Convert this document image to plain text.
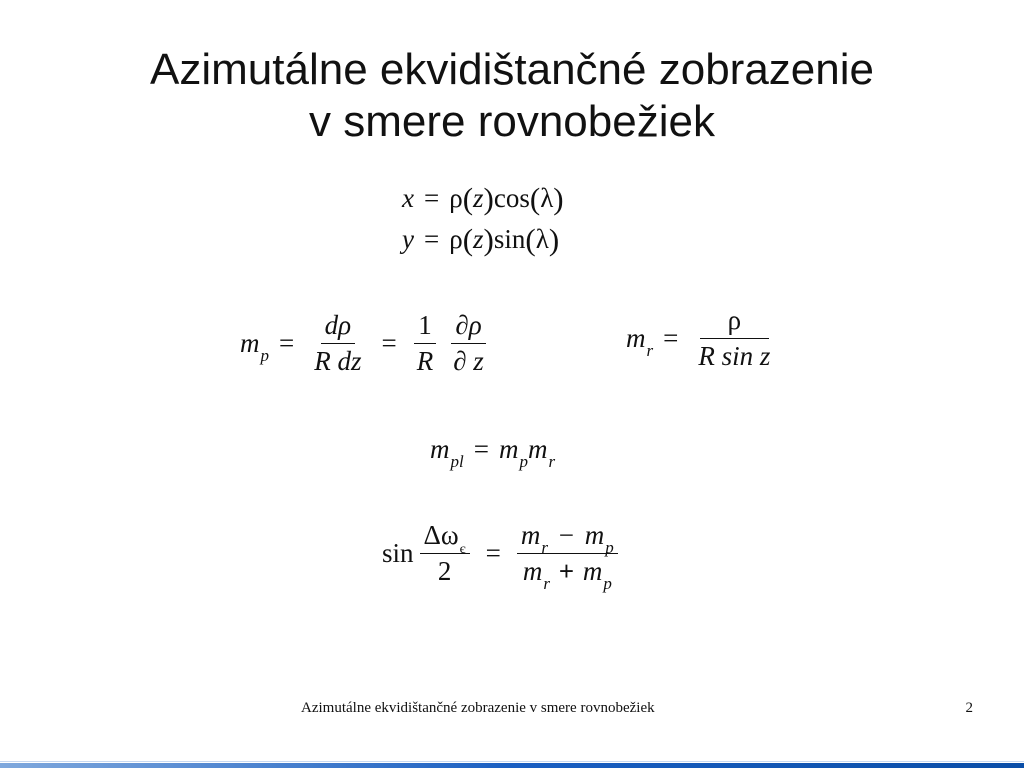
Azimutálne ekvidištančné zobrazenie
v smere rovnobežiek
x = ρ ( z ) cos ( λ )
y = ρ ( z ) sin ( λ )
$m_p = \frac{d\rho}{\text{R dz}} = \frac{1}{R} \frac{\partial\rho}{\partial z}$	$m_r = \frac{\rho}{\text{R sin z}}$
$m_{pl} = m_p$ $m_r$
$\sin \frac{\Delta\omega_є}{2} = \frac{m_r - m_p}{m_r + m_p}$
Azimutálne ekvidištančné zobrazenie v smere rovnobežiek	2
